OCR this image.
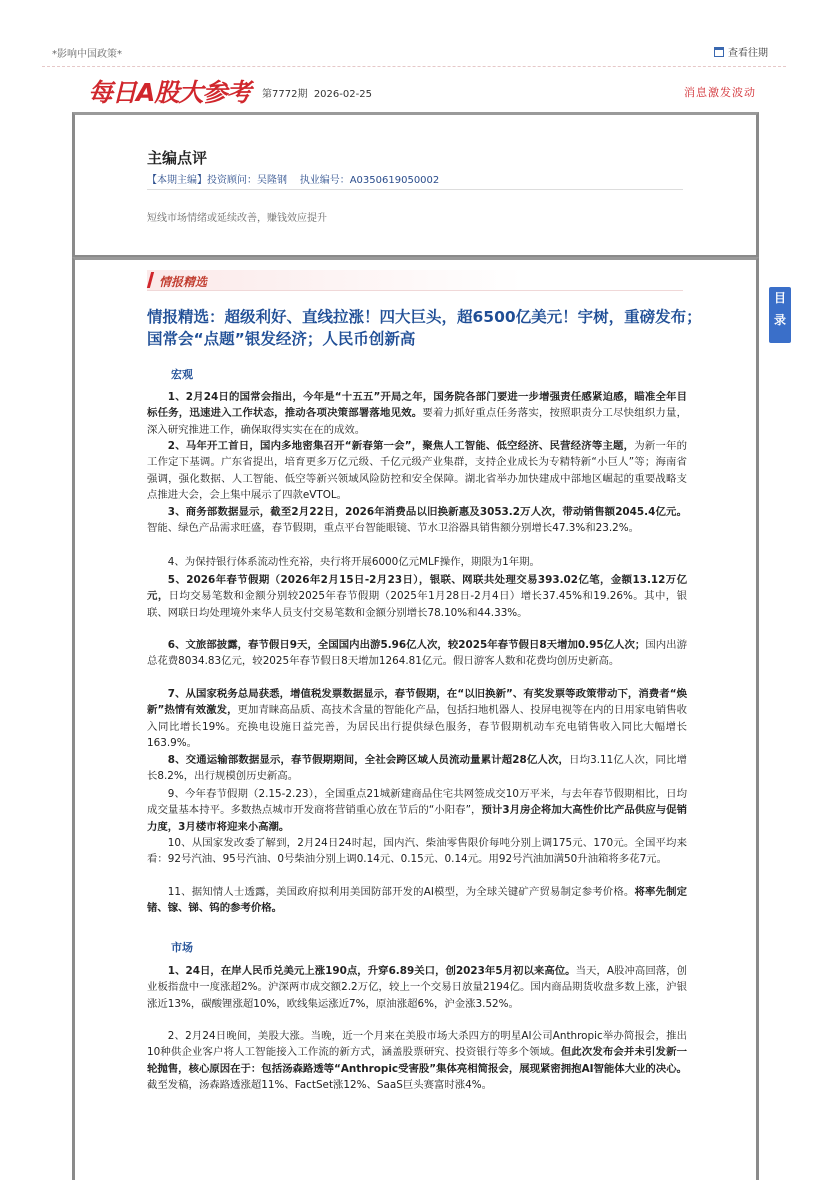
*影响中国政策*	查看往期
每日A股大参考 第7772期 2026-02-25	消息激发波动
主编点评
【本期主编】投资顾问：吴隆钢 执业编号：A0350619050002
短线市场情绪或延续改善，赚钱效应提升
情报精选
情报精选：超级利好、直线拉涨！四大巨头，超6500亿美元！宇树，重磅发布；
国常会“点题”银发经济；人民币创新高
宏观
1、2月24日的国常会指出，今年是“十五五”开局之年，国务院各部门要进一步增强责任感紧迫感，瞄准全年目标任务，迅速进入工作状态，推动各项决策部署落地见效。要着力抓好重点任务落实，按照职责分工尽快组织力量，深入研究推进工作，确保取得实实在在的成效。
2、马年开工首日，国内多地密集召开“新春第一会”，聚焦人工智能、低空经济、民营经济等主题，为新一年的工作定下基调。广东省提出，培育更多万亿元级、千亿元级产业集群，支持企业成长为专精特新“小巨人”等；海南省强调，强化数据、人工智能、低空等新兴领域风险防控和安全保障。湖北省举办加快建成中部地区崛起的重要战略支点推进大会，会上集中展示了四款eVTOL。
3、商务部数据显示，截至2月22日，2026年消费品以旧换新惠及3053.2万人次，带动销售额2045.4亿元。智能、绿色产品需求旺盛，春节假期，重点平台智能眼镜、节水卫浴器具销售额分别增长47.3%和23.2%。
4、为保持银行体系流动性充裕，央行将开展6000亿元MLF操作，期限为1年期。
5、2026年春节假期（2026年2月15日-2月23日），银联、网联共处理交易393.02亿笔，金额13.12万亿元，日均交易笔数和金额分别较2025年春节假期（2025年1月28日-2月4日）增长37.45%和19.26%。其中，银联、网联日均处理境外来华人员支付交易笔数和金额分别增长78.10%和44.33%。
6、文旅部披露，春节假日9天，全国国内出游5.96亿人次，较2025年春节假日8天增加0.95亿人次；国内出游总花费8034.83亿元，较2025年春节假日8天增加1264.81亿元。假日游客人数和花费均创历史新高。
7、从国家税务总局获悉，增值税发票数据显示，春节假期，在“以旧换新”、有奖发票等政策带动下，消费者“焕新”热情有效激发，更加青睐高品质、高技术含量的智能化产品，包括扫地机器人、投屏电视等在内的日用家电销售收入同比增长19%。充换电设施日益完善，为居民出行提供绿色服务，春节假期机动车充电销售收入同比大幅增长163.9%。
8、交通运输部数据显示，春节假期期间，全社会跨区域人员流动量累计超28亿人次，日均3.11亿人次，同比增长8.2%，出行规模创历史新高。
9、今年春节假期（2.15-2.23），全国重点21城新建商品住宅共网签成交10万平米，与去年春节假期相比，日均成交量基本持平。多数热点城市开发商将营销重心放在节后的“小阳春”，预计3月房企将加大高性价比产品供应与促销力度，3月楼市将迎来小高潮。
10、从国家发改委了解到，2月24日24时起，国内汽、柴油零售限价每吨分别上调175元、170元。全国平均来看：92号汽油、95号汽油、0号柴油分别上调0.14元、0.15元、0.14元。用92号汽油加满50升油箱将多花7元。
11、据知情人士透露，美国政府拟利用美国防部开发的AI模型，为全球关键矿产贸易制定参考价格。将率先制定锗、镓、锑、钨的参考价格。
市场
1、24日，在岸人民币兑美元上涨190点，升穿6.89关口，创2023年5月初以来高位。当天，A股冲高回落，创业板指盘中一度涨超2%。沪深两市成交额2.2万亿，较上一个交易日放量2194亿。国内商品期货收盘多数上涨，沪银涨近13%，碳酸锂涨超10%，欧线集运涨近7%，原油涨超6%，沪金涨3.52%。
2、2月24日晚间，美股大涨。当晚，近一个月来在美股市场大杀四方的明星AI公司Anthropic举办简报会，推出10种供企业客户将人工智能接入工作流的新方式，涵盖股票研究、投资银行等多个领域。但此次发布会并未引发新一轮抛售，核心原因在于：包括汤森路透等“Anthropic受害股”集体亮相简报会，展现紧密拥抱AI智能体大业的决心。截至发稿，汤森路透涨超11%、FactSet涨12%、SaaS巨头赛富时涨4%。
目录
